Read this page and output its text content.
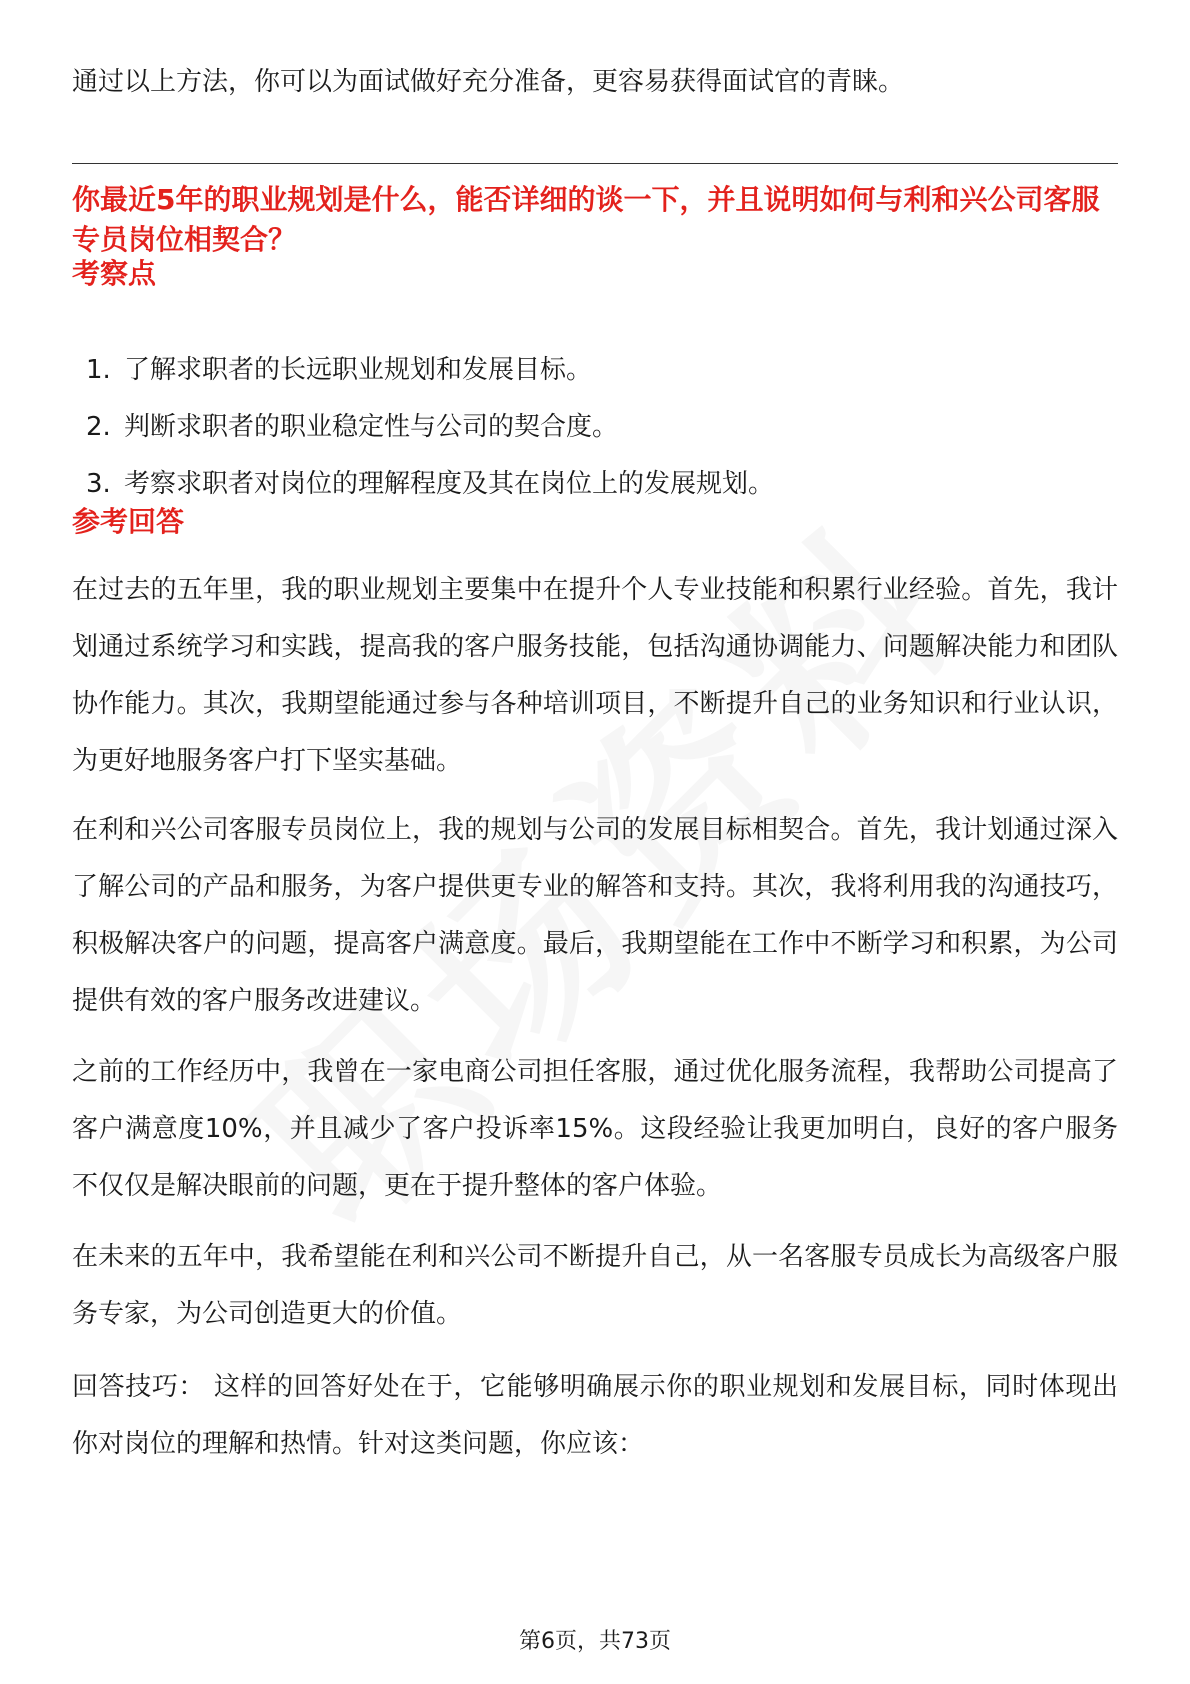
通过以上方法，你可以为面试做好充分准备，更容易获得面试官的青睐。

你最近5年的职业规划是什么，能否详细的谈一下，并且说明如何与利和兴公司客服专员岗位相契合？
考察点
1. 了解求职者的长远职业规划和发展目标。
2. 判断求职者的职业稳定性与公司的契合度。
3. 考察求职者对岗位的理解程度及其在岗位上的发展规划。
参考回答

在过去的五年里，我的职业规划主要集中在提升个人专业技能和积累行业经验。首先，我计划通过系统学习和实践，提高我的客户服务技能，包括沟通协调能力、问题解决能力和团队协作能力。其次，我期望能通过参与各种培训项目，不断提升自己的业务知识和行业认识，为更好地服务客户打下坚实基础。

在利和兴公司客服专员岗位上，我的规划与公司的发展目标相契合。首先，我计划通过深入了解公司的产品和服务，为客户提供更专业的解答和支持。其次，我将利用我的沟通技巧，积极解决客户的问题，提高客户满意度。最后，我期望能在工作中不断学习和积累，为公司提供有效的客户服务改进建议。

之前的工作经历中，我曾在一家电商公司担任客服，通过优化服务流程，我帮助公司提高了客户满意度10%，并且减少了客户投诉率15%。这段经验让我更加明白，良好的客户服务不仅仅是解决眼前的问题，更在于提升整体的客户体验。

在未来的五年中，我希望能在利和兴公司不断提升自己，从一名客服专员成长为高级客户服务专家，为公司创造更大的价值。

回答技巧： 这样的回答好处在于，它能够明确展示你的职业规划和发展目标，同时体现出你对岗位的理解和热情。针对这类问题，你应该：

第6页，共73页
